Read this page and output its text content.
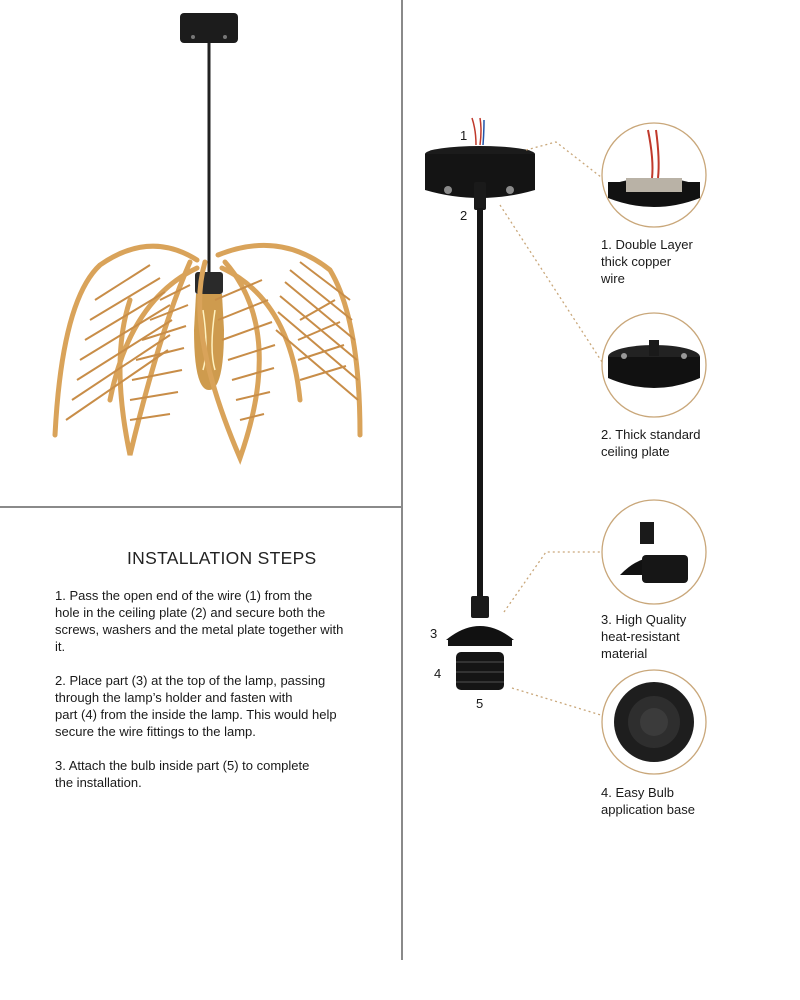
INSTALLATION STEPS

1. Pass the open end of the wire (1) from the
hole in the ceiling plate (2) and secure both the
screws, washers and the metal plate together with
it.

2. Place part (3) at the top of the lamp, passing
through the lamp’s holder and fasten with
part (4) from the inside the lamp. This would help
secure the wire fittings to the lamp.

3. Attach the bulb inside part (5) to complete
the installation.

1
2
3
4
5
1. Double Layer
thick copper
wire
2. Thick standard
ceiling plate
3. High Quality
heat-resistant
material
4. Easy Bulb
application base
